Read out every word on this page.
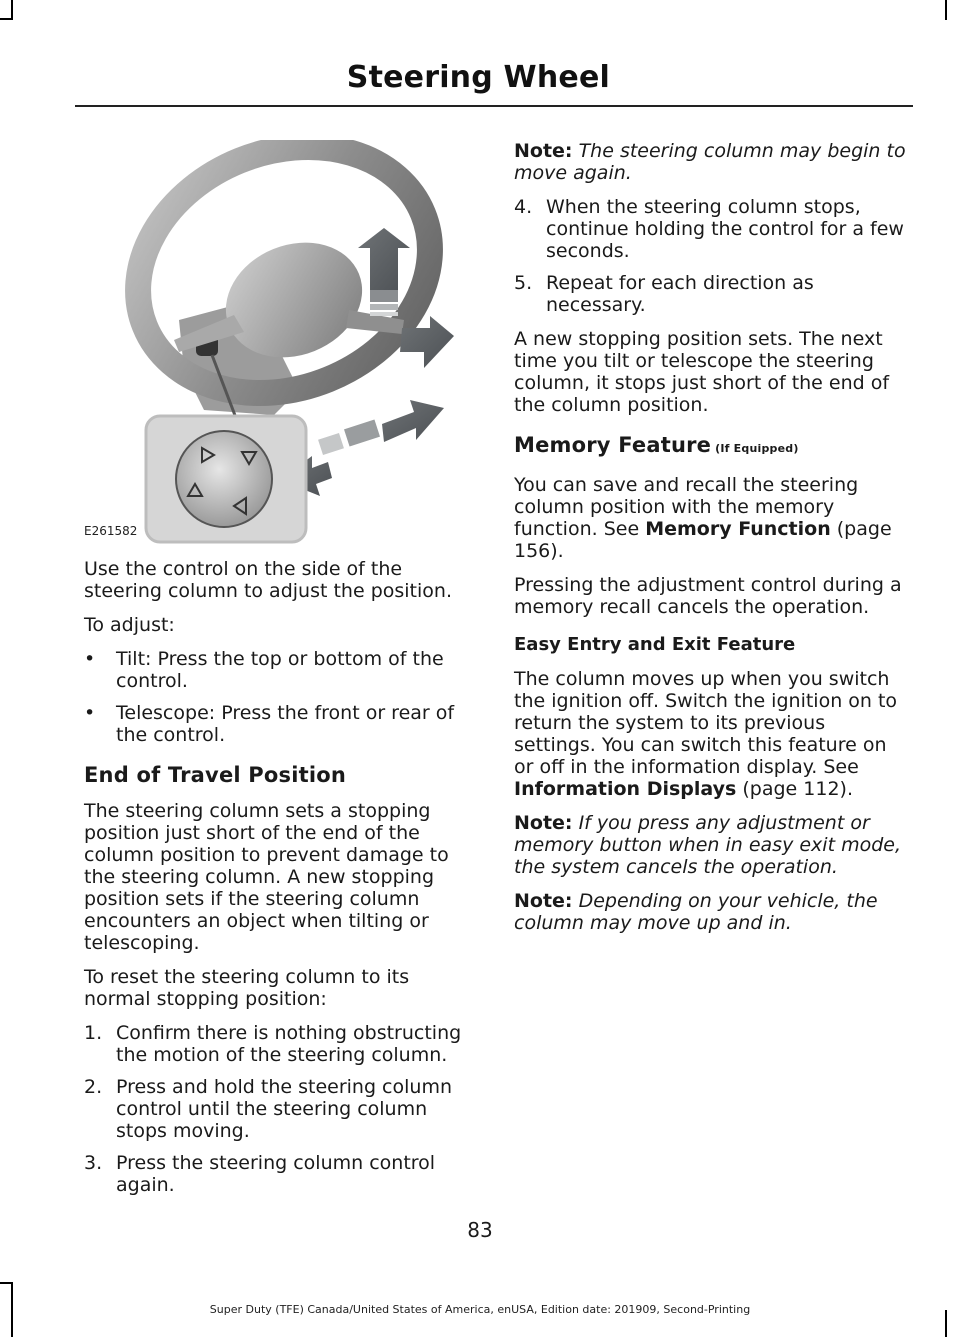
Steering Wheel
E261582

Use the control on the side of the steering column to adjust the position.

To adjust:

• Tilt: Press the top or bottom of the control.
• Telescope: Press the front or rear of the control.
End of Travel Position

The steering column sets a stopping position just short of the end of the column position to prevent damage to the steering column. A new stopping position sets if the steering column encounters an object when tilting or telescoping.

To reset the steering column to its normal stopping position:

1. Confirm there is nothing obstructing the motion of the steering column.
2. Press and hold the steering column control until the steering column stops moving.
3. Press the steering column control again.

Note: The steering column may begin to move again.

4. When the steering column stops, continue holding the control for a few seconds.
5. Repeat for each direction as necessary.

A new stopping position sets. The next time you tilt or telescope the steering column, it stops just short of the end of the column position.

Memory Feature (If Equipped)

You can save and recall the steering column position with the memory function. See Memory Function (page 156).

Pressing the adjustment control during a memory recall cancels the operation.

Easy Entry and Exit Feature

The column moves up when you switch the ignition off. Switch the ignition on to return the system to its previous settings. You can switch this feature on or off in the information display. See Information Displays (page 112).

Note: If you press any adjustment or memory button when in easy exit mode, the system cancels the operation.

Note: Depending on your vehicle, the column may move up and in.

83
Super Duty (TFE) Canada/United States of America, enUSA, Edition date: 201909, Second-Printing
